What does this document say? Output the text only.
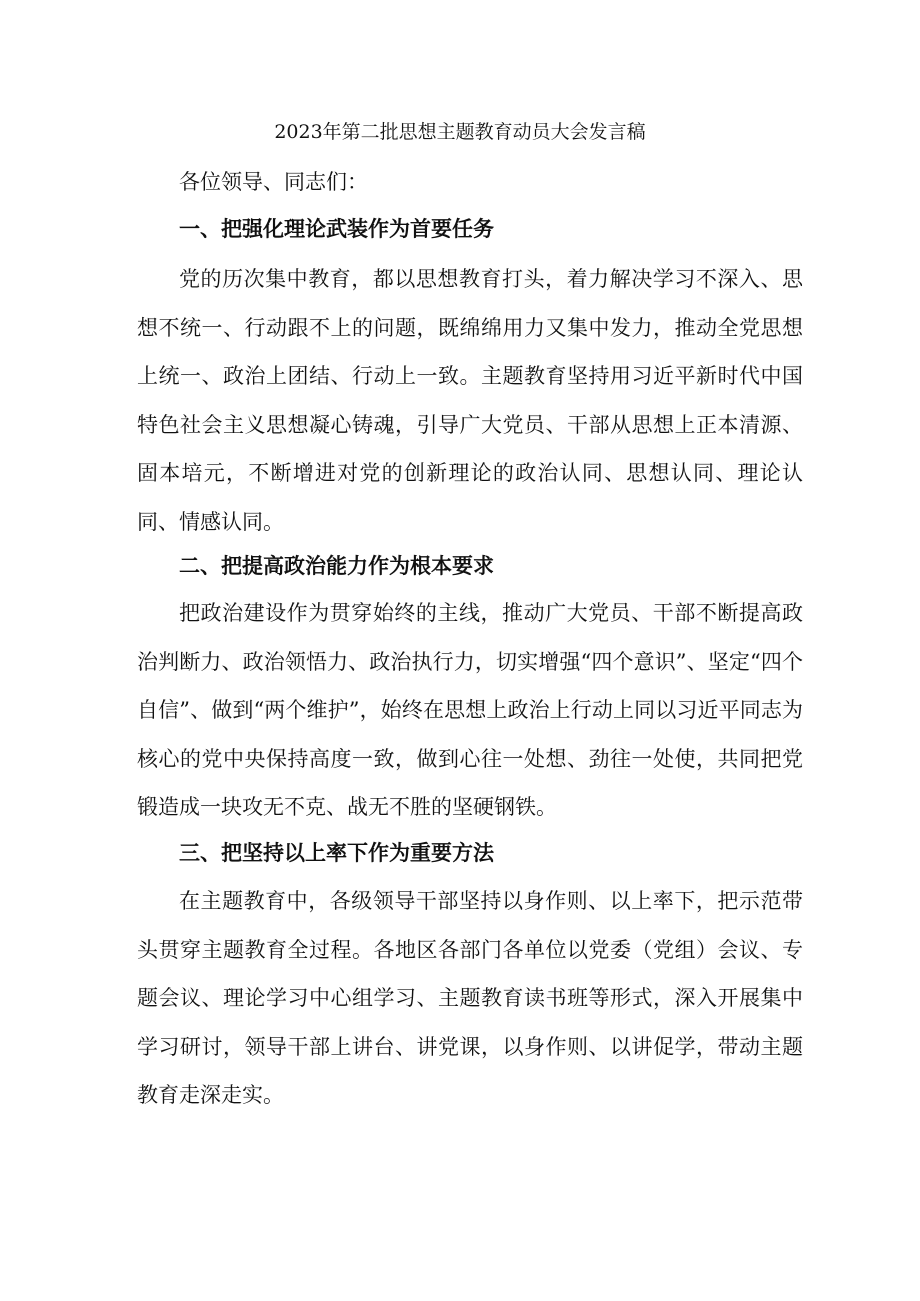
2023年第二批思想主题教育动员大会发言稿

各位领导、同志们：

一、把强化理论武装作为首要任务

党的历次集中教育，都以思想教育打头，着力解决学习不深入、思想不统一、行动跟不上的问题，既绵绵用力又集中发力，推动全党思想上统一、政治上团结、行动上一致。主题教育坚持用习近平新时代中国特色社会主义思想凝心铸魂，引导广大党员、干部从思想上正本清源、固本培元，不断增进对党的创新理论的政治认同、思想认同、理论认同、情感认同。

二、把提高政治能力作为根本要求

把政治建设作为贯穿始终的主线，推动广大党员、干部不断提高政治判断力、政治领悟力、政治执行力，切实增强“四个意识”、坚定“四个自信”、做到“两个维护”，始终在思想上政治上行动上同以习近平同志为核心的党中央保持高度一致，做到心往一处想、劲往一处使，共同把党锻造成一块攻无不克、战无不胜的坚硬钢铁。

三、把坚持以上率下作为重要方法

在主题教育中，各级领导干部坚持以身作则、以上率下，把示范带头贯穿主题教育全过程。各地区各部门各单位以党委（党组）会议、专题会议、理论学习中心组学习、主题教育读书班等形式，深入开展集中学习研讨，领导干部上讲台、讲党课，以身作则、以讲促学，带动主题教育走深走实。
